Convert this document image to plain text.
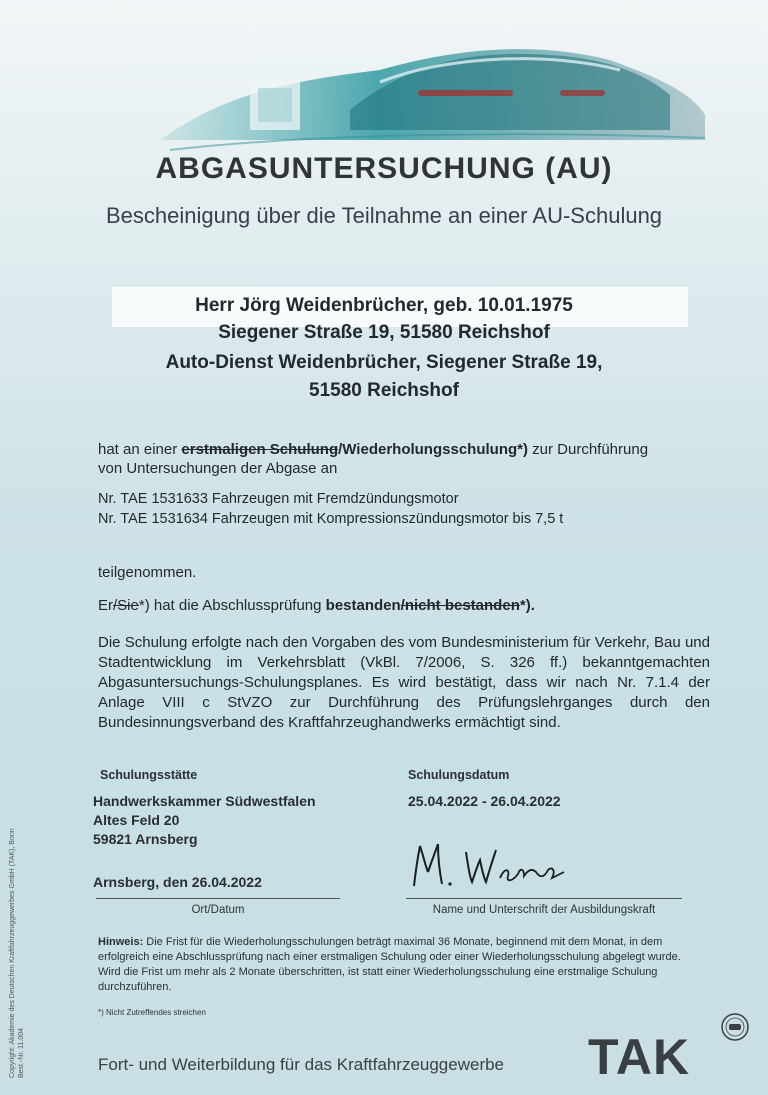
ABGASUNTERSUCHUNG (AU)
Bescheinigung über die Teilnahme an einer AU-Schulung
Herr Jörg Weidenbrücher, geb. 10.01.1975
Siegener Straße 19, 51580 Reichshof
Auto-Dienst Weidenbrücher, Siegener Straße 19,
51580 Reichshof
hat an einer erstmaligen Schulung/Wiederholungsschulung*) zur Durchführung
von Untersuchungen der Abgase an
Nr. TAE 1531633 Fahrzeugen mit Fremdzündungsmotor
Nr. TAE 1531634 Fahrzeugen mit Kompressionszündungsmotor bis 7,5 t
teilgenommen.
Er/Sie*) hat die Abschlussprüfung bestanden/nicht bestanden*).
Die Schulung erfolgte nach den Vorgaben des vom Bundesministerium für Verkehr, Bau und Stadtentwicklung im Verkehrsblatt (VkBl. 7/2006, S. 326 ff.) bekanntgemachten Abgasuntersuchungs-Schulungsplanes. Es wird bestätigt, dass wir nach Nr. 7.1.4 der Anlage VIII c StVZO zur Durchführung des Prüfungslehrganges durch den Bundesinnungsverband des Kraftfahrzeughandwerks ermächtigt sind.
Schulungsstätte
Handwerkskammer Südwestfalen
Altes Feld 20
59821 Arnsberg
Schulungsdatum
25.04.2022 - 26.04.2022
Arnsberg, den 26.04.2022
Ort/Datum	Name und Unterschrift der Ausbildungskraft
Hinweis: Die Frist für die Wiederholungsschulungen beträgt maximal 36 Monate, beginnend mit dem Monat, in dem erfolgreich eine Abschlussprüfung nach einer erstmaligen Schulung oder einer Wiederholungsschulung abgelegt wurde. Wird die Frist um mehr als 2 Monate überschritten, ist statt einer Wiederholungsschulung eine erstmalige Schulung durchzuführen.
*) Nicht Zutreffendes streichen
Fort- und Weiterbildung für das Kraftfahrzeuggewerbe TAK
Copyright: Akademie des Deutschen Kraftfahrzeuggewerbes GmbH (TAK), Bonn Best.-Nr. 11.004
